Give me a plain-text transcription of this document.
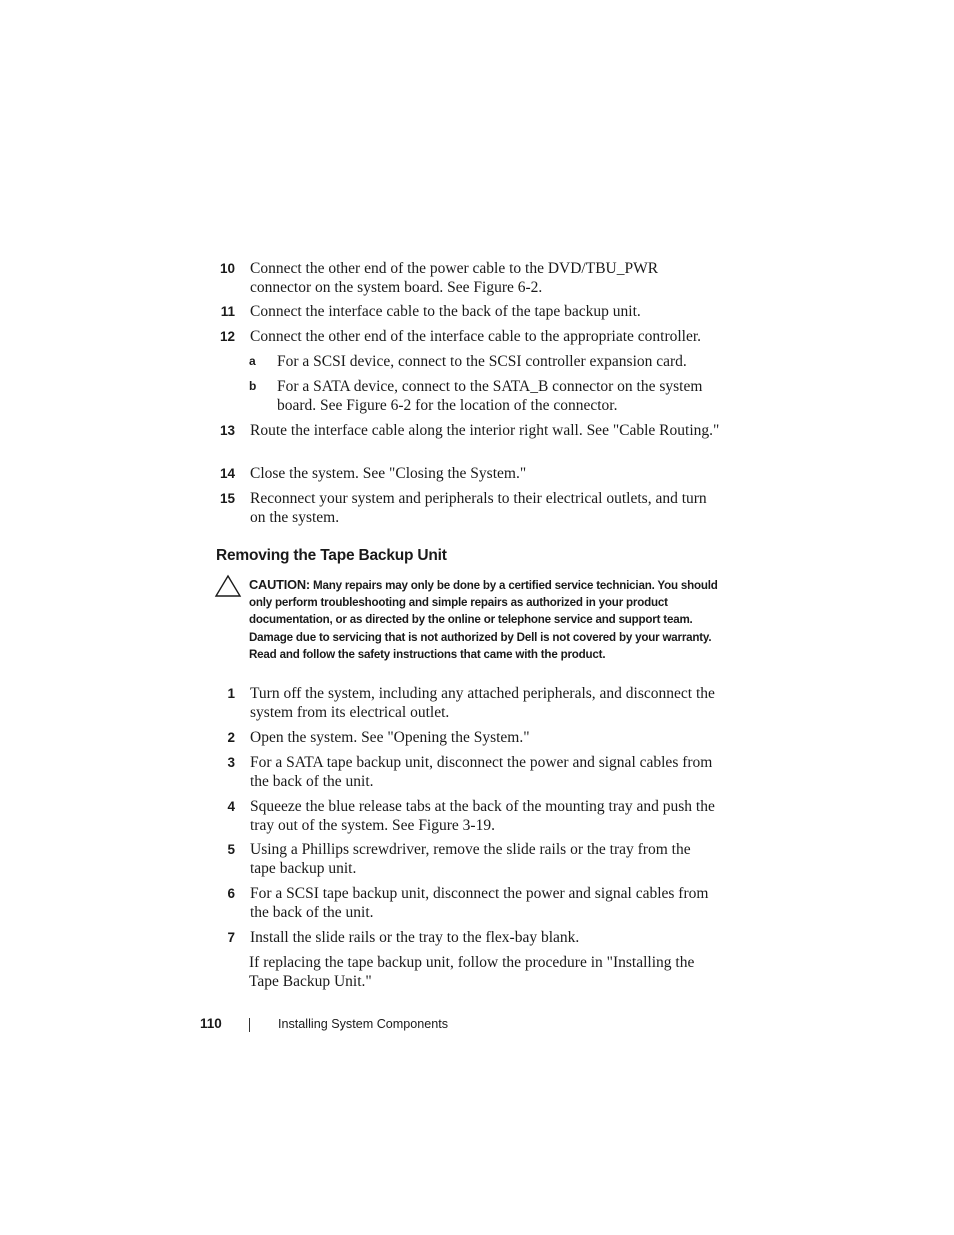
10 Connect the other end of the power cable to the DVD/TBU_PWR connector on the system board. See Figure 6-2.
11 Connect the interface cable to the back of the tape backup unit.
12 Connect the other end of the interface cable to the appropriate controller.
a For a SCSI device, connect to the SCSI controller expansion card.
b For a SATA device, connect to the SATA_B connector on the system board. See Figure 6-2 for the location of the connector.
13 Route the interface cable along the interior right wall. See "Cable Routing."
14 Close the system. See "Closing the System."
15 Reconnect your system and peripherals to their electrical outlets, and turn on the system.
Removing the Tape Backup Unit
CAUTION: Many repairs may only be done by a certified service technician. You should only perform troubleshooting and simple repairs as authorized in your product documentation, or as directed by the online or telephone service and support team. Damage due to servicing that is not authorized by Dell is not covered by your warranty. Read and follow the safety instructions that came with the product.
1 Turn off the system, including any attached peripherals, and disconnect the system from its electrical outlet.
2 Open the system. See "Opening the System."
3 For a SATA tape backup unit, disconnect the power and signal cables from the back of the unit.
4 Squeeze the blue release tabs at the back of the mounting tray and push the tray out of the system. See Figure 3-19.
5 Using a Phillips screwdriver, remove the slide rails or the tray from the tape backup unit.
6 For a SCSI tape backup unit, disconnect the power and signal cables from the back of the unit.
7 Install the slide rails or the tray to the flex-bay blank.
If replacing the tape backup unit, follow the procedure in "Installing the Tape Backup Unit."
110	Installing System Components
